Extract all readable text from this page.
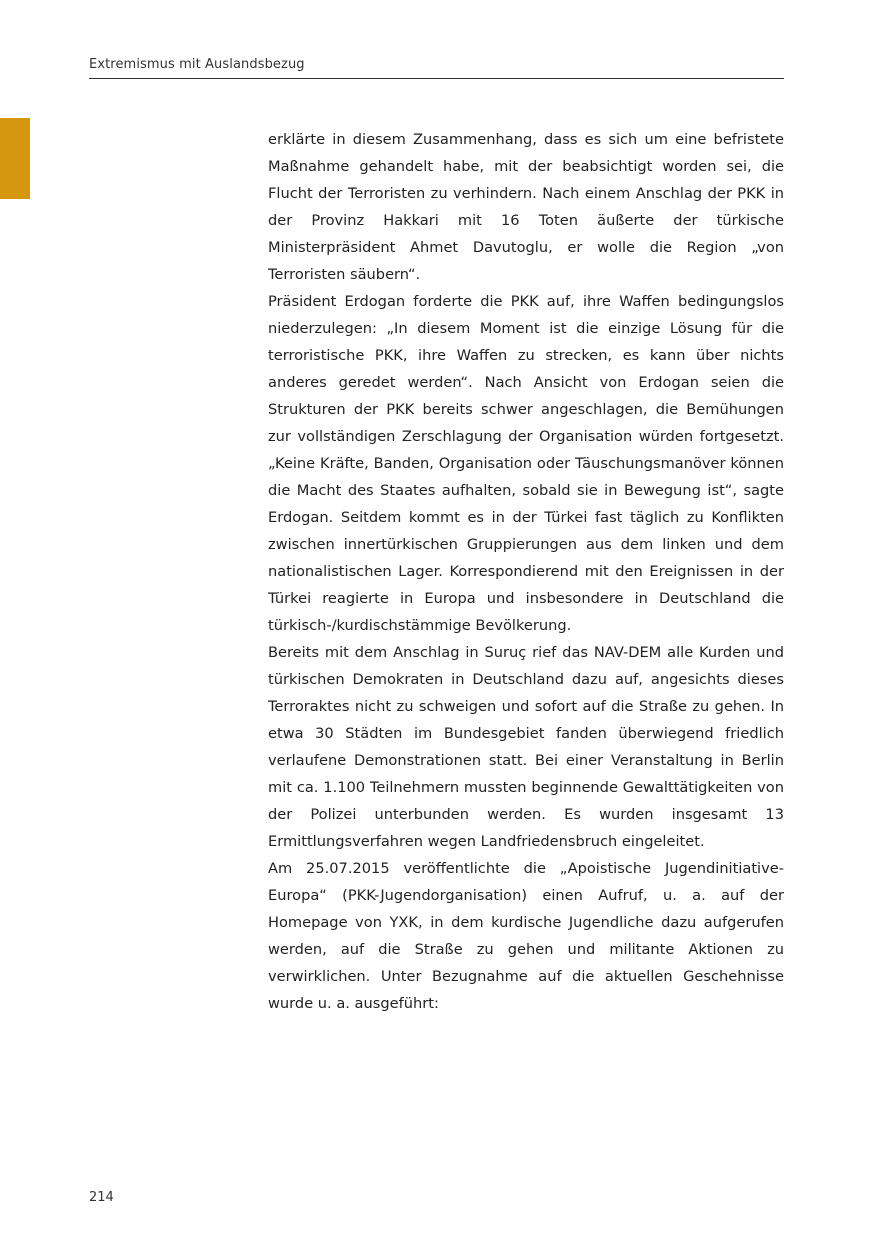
Extremismus mit Auslandsbezug

erklärte in diesem Zusammenhang, dass es sich um eine befristete Maßnahme gehandelt habe, mit der beabsichtigt worden sei, die Flucht der Terroristen zu verhindern. Nach einem Anschlag der PKK in der Provinz Hakkari mit 16 Toten äußerte der türkische Ministerpräsident Ahmet Davutoglu, er wolle die Region „von Terroristen säubern“.

Präsident Erdogan forderte die PKK auf, ihre Waffen bedingungslos niederzulegen: „In diesem Moment ist die einzige Lösung für die terroristische PKK, ihre Waffen zu strecken, es kann über nichts anderes geredet werden“. Nach Ansicht von Erdogan seien die Strukturen der PKK bereits schwer angeschlagen, die Bemühungen zur vollständigen Zerschlagung der Organisation würden fortgesetzt. „Keine Kräfte, Banden, Organisation oder Täuschungsmanöver können die Macht des Staates aufhalten, sobald sie in Bewegung ist“, sagte Erdogan. Seitdem kommt es in der Türkei fast täglich zu Konflikten zwischen innertürkischen Gruppierungen aus dem linken und dem nationalistischen Lager. Korrespondierend mit den Ereignissen in der Türkei reagierte in Europa und insbesondere in Deutschland die türkisch-/kurdischstämmige Bevölkerung.

Bereits mit dem Anschlag in Suruç rief das NAV-DEM alle Kurden und türkischen Demokraten in Deutschland dazu auf, angesichts dieses Terroraktes nicht zu schweigen und sofort auf die Straße zu gehen. In etwa 30 Städten im Bundesgebiet fanden überwiegend friedlich verlaufene Demonstrationen statt. Bei einer Veranstaltung in Berlin mit ca. 1.100 Teilnehmern mussten beginnende Gewalttätigkeiten von der Polizei unterbunden werden. Es wurden insgesamt 13 Ermittlungsverfahren wegen Landfriedensbruch eingeleitet.

Am 25.07.2015 veröffentlichte die „Apoistische Jugendinitiative-Europa“ (PKK-Jugendorganisation) einen Aufruf, u. a. auf der Homepage von YXK, in dem kurdische Jugendliche dazu aufgerufen werden, auf die Straße zu gehen und militante Aktionen zu verwirklichen. Unter Bezugnahme auf die aktuellen Geschehnisse wurde u. a. ausgeführt:

214
